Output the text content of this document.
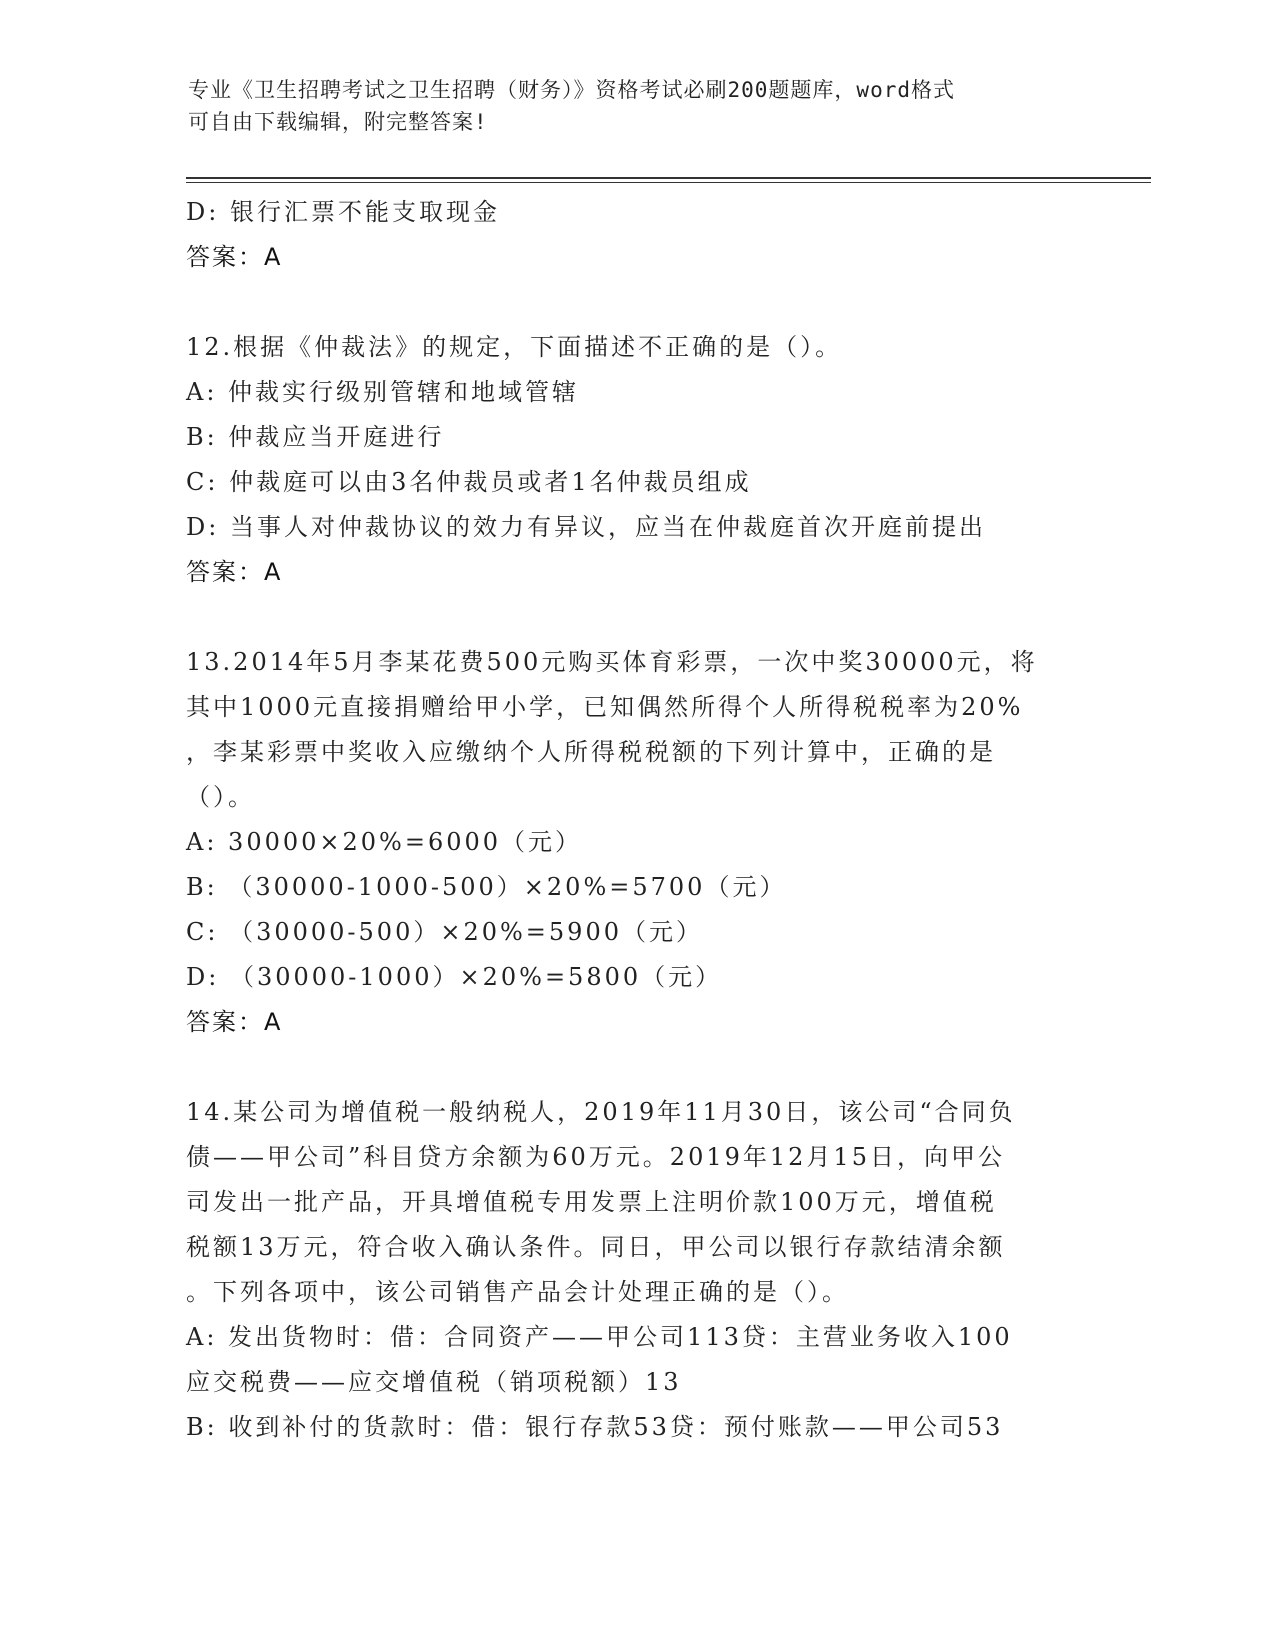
专业《卫生招聘考试之卫生招聘（财务）》资格考试必刷200题题库，word格式
可自由下载编辑，附完整答案!
D: 银行汇票不能支取现金
答案：A
12.根据《仲裁法》的规定，下面描述不正确的是（）。
A: 仲裁实行级别管辖和地域管辖
B: 仲裁应当开庭进行
C: 仲裁庭可以由3名仲裁员或者1名仲裁员组成
D: 当事人对仲裁协议的效力有异议，应当在仲裁庭首次开庭前提出
答案：A
13.2014年5月李某花费500元购买体育彩票，一次中奖30000元，将
其中1000元直接捐赠给甲小学，已知偶然所得个人所得税税率为20%
，李某彩票中奖收入应缴纳个人所得税税额的下列计算中，正确的是
（）。
A: 30000×20%=6000（元）
B: （30000-1000-500）×20%=5700（元）
C: （30000-500）×20%=5900（元）
D: （30000-1000）×20%=5800（元）
答案：A
14.某公司为增值税一般纳税人，2019年11月30日，该公司“合同负
债——甲公司”科目贷方余额为60万元。2019年12月15日，向甲公
司发出一批产品，开具增值税专用发票上注明价款100万元，增值税
税额13万元，符合收入确认条件。同日，甲公司以银行存款结清余额
。下列各项中，该公司销售产品会计处理正确的是（）。
A: 发出货物时：借：合同资产——甲公司113贷：主营业务收入100
应交税费——应交增值税（销项税额）13
B: 收到补付的货款时：借：银行存款53贷：预付账款——甲公司53
